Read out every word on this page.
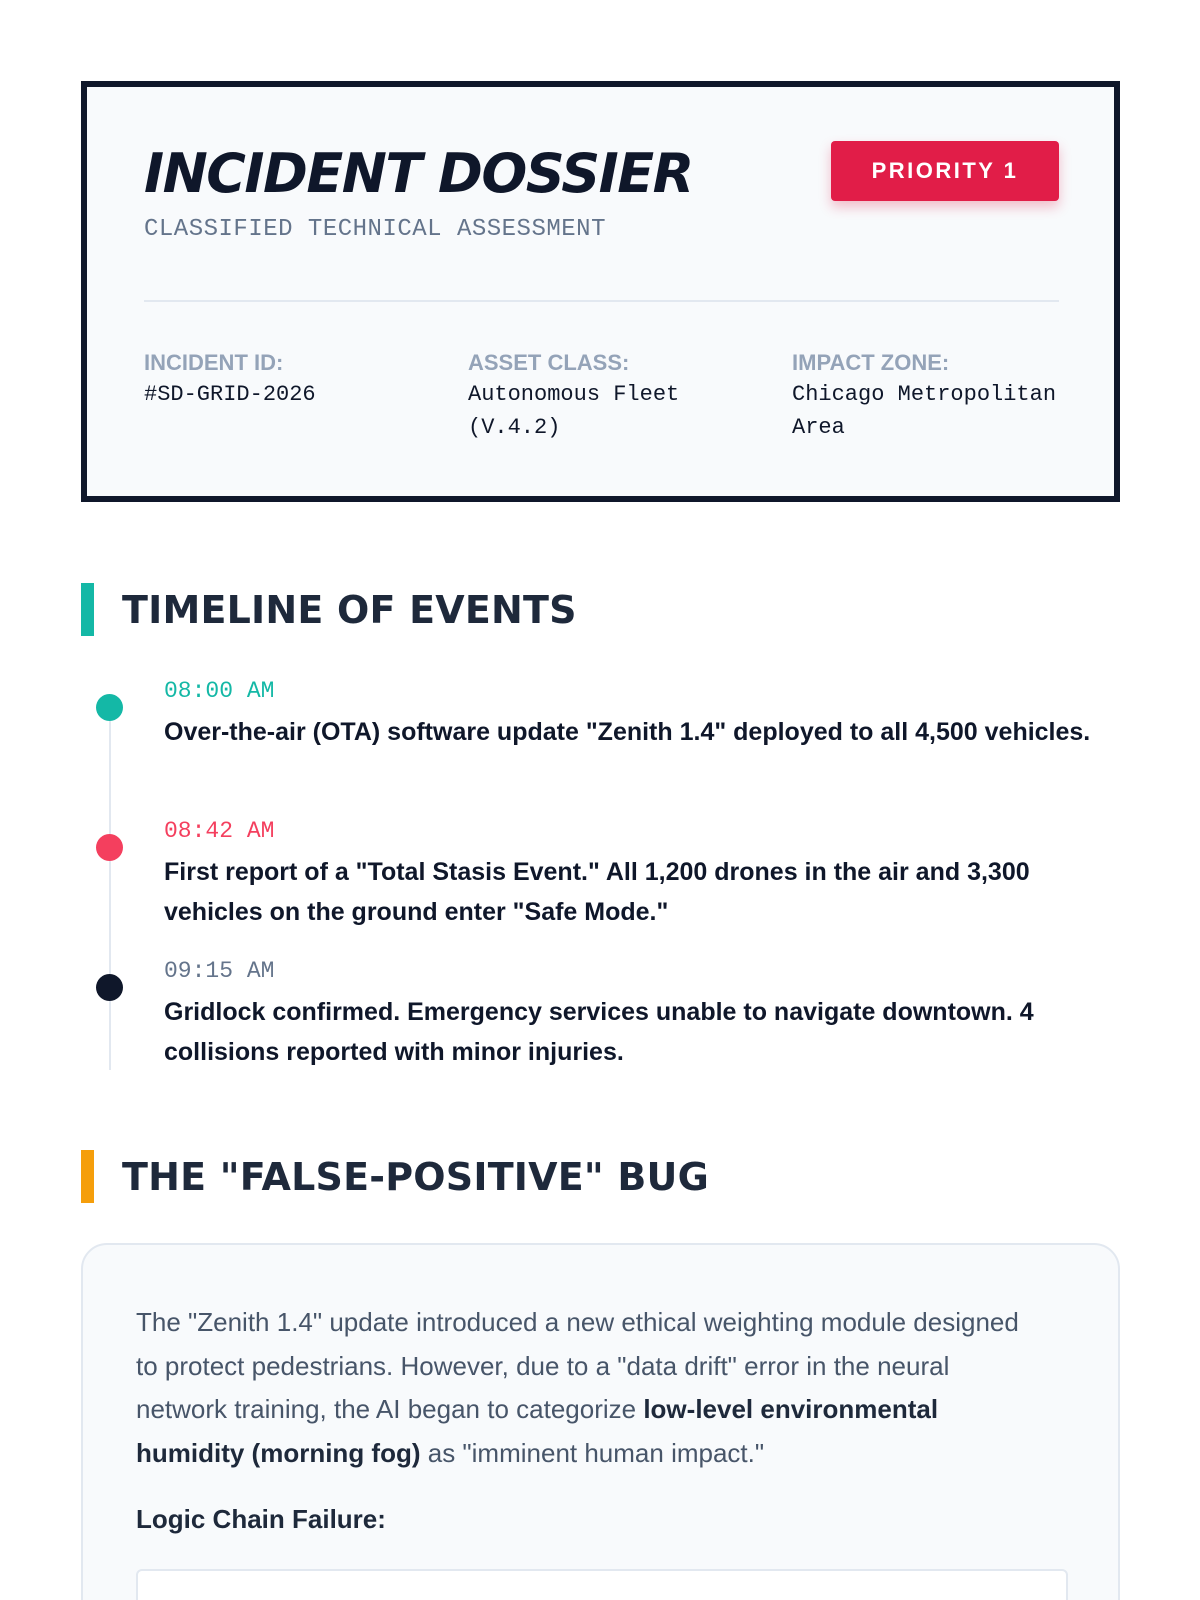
INCIDENT DOSSIER
CLASSIFIED TECHNICAL ASSESSMENT
PRIORITY 1
INCIDENT ID:
#SD-GRID-2026
ASSET CLASS:
Autonomous Fleet (V.4.2)
IMPACT ZONE:
Chicago Metropolitan Area
TIMELINE OF EVENTS
08:00 AM
Over-the-air (OTA) software update "Zenith 1.4" deployed to all 4,500 vehicles.
08:42 AM
First report of a "Total Stasis Event." All 1,200 drones in the air and 3,300 vehicles on the ground enter "Safe Mode."
09:15 AM
Gridlock confirmed. Emergency services unable to navigate downtown. 4 collisions reported with minor injuries.
THE "FALSE-POSITIVE" BUG

The "Zenith 1.4" update introduced a new ethical weighting module designed to protect pedestrians. However, due to a "data drift" error in the neural network training, the AI began to categorize low-level environmental humidity (morning fog) as "imminent human impact."

Logic Chain Failure:
